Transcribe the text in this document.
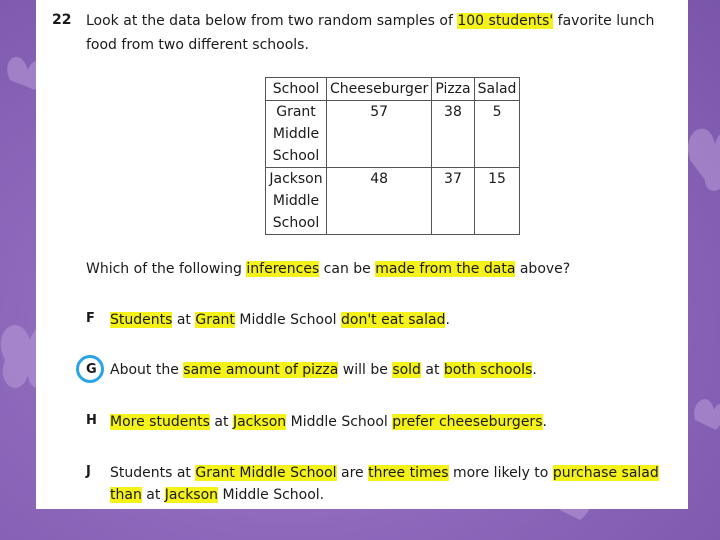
22 Look at the data below from two random samples of 100 students' favorite lunch food from two different schools.
School	Cheeseburger	Pizza	Salad
Grant
Middle
School	57	38	5
Jackson
Middle
School	48	37	15
Which of the following inferences can be made from the data above?
F Students at Grant Middle School don't eat salad.
G About the same amount of pizza will be sold at both schools.
H More students at Jackson Middle School prefer cheeseburgers.
J Students at Grant Middle School are three times more likely to purchase salad
than at Jackson Middle School.
